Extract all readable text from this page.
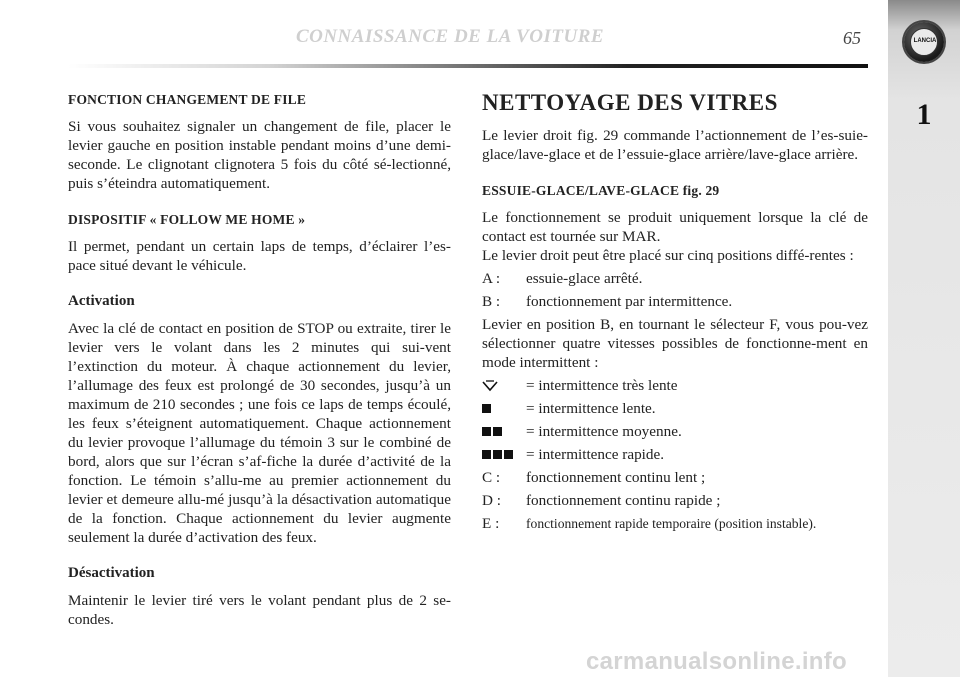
LANCIA
1
CONNAISSANCE DE LA VOITURE	65
FONCTION CHANGEMENT DE FILE

Si vous souhaitez signaler un changement de file, placer le levier gauche en position instable pendant moins d’une demi-seconde. Le clignotant clignotera 5 fois du côté sé-lectionné, puis s’éteindra automatiquement.

DISPOSITIF « FOLLOW ME HOME »

Il permet, pendant un certain laps de temps, d’éclairer l’es-pace situé devant le véhicule.

Activation

Avec la clé de contact en position de STOP ou extraite, tirer le levier vers le volant dans les 2 minutes qui sui-vent l’extinction du moteur. À chaque actionnement du levier, l’allumage des feux est prolongé de 30 secondes, jusqu’à un maximum de 210 secondes ; une fois ce laps de temps écoulé, les feux s’éteignent automatiquement. Chaque actionnement du levier provoque l’allumage du témoin 3 sur le combiné de bord, alors que sur l’écran s’af-fiche la durée d’activité de la fonction. Le témoin s’allu-me au premier actionnement du levier et demeure allu-mé jusqu’à la désactivation automatique de la fonction. Chaque actionnement du levier augmente seulement la durée d’activation des feux.

Désactivation

Maintenir le levier tiré vers le volant pendant plus de 2 se-condes.

NETTOYAGE DES VITRES

Le levier droit fig. 29 commande l’actionnement de l’es-suie-glace/lave-glace et de l’essuie-glace arrière/lave-glace arrière.

ESSUIE-GLACE/LAVE-GLACE fig. 29

Le fonctionnement se produit uniquement lorsque la clé de contact est tournée sur MAR.

Le levier droit peut être placé sur cinq positions diffé-rentes :

A :	essuie-glace arrêté.
B :	fonctionnement par intermittence.

Levier en position B, en tournant le sélecteur F, vous pou-vez sélectionner quatre vitesses possibles de fonctionne-ment en mode intermittent :

= intermittence très lente
= intermittence lente.
= intermittence moyenne.
= intermittence rapide.
C :	fonctionnement continu lent ;
D :	fonctionnement continu rapide ;
E :	fonctionnement rapide temporaire (position instable).
carmanualsonline.info
